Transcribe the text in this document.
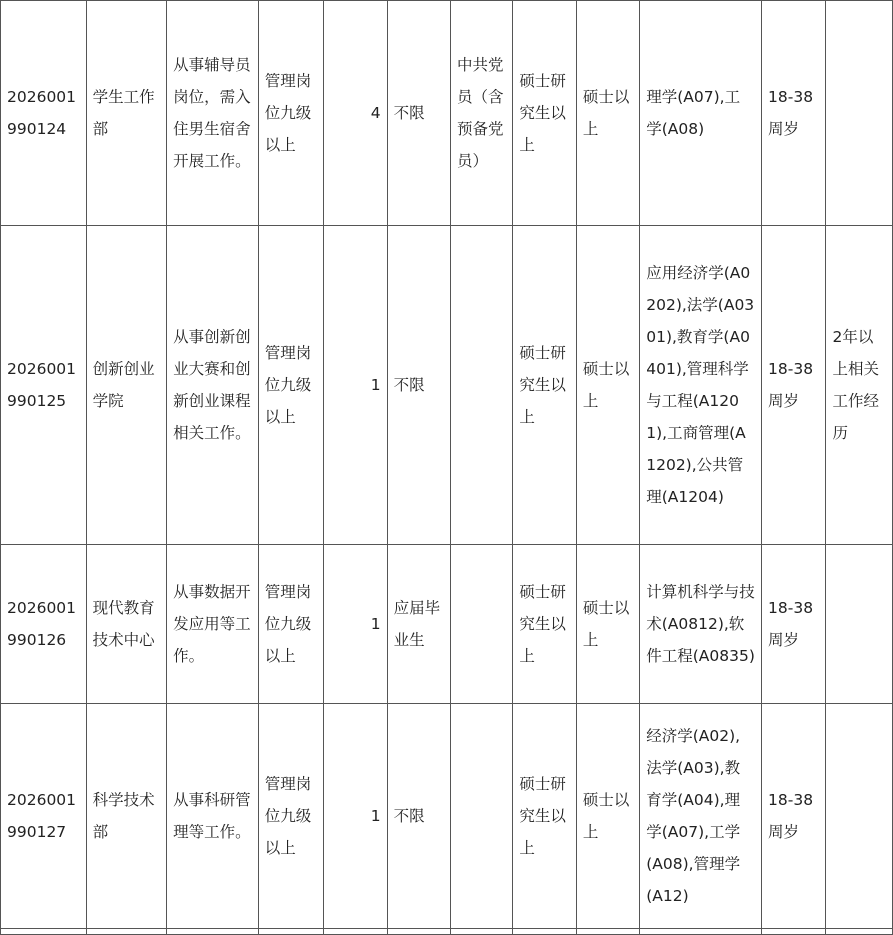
2026001990124	学生工作部	从事辅导员岗位，需入住男生宿舍开展工作。	管理岗位九级以上	4	不限	中共党员（含预备党员）	硕士研究生以上	硕士以上	理学(A07),工学(A08)	18-38周岁	
2026001990125	创新创业学院	从事创新创业大赛和创新创业课程相关工作。	管理岗位九级以上	1	不限		硕士研究生以上	硕士以上	应用经济学(A0202),法学(A0301),教育学(A0401),管理科学与工程(A1201),工商管理(A1202),公共管理(A1204)	18-38周岁	2年以上相关工作经历
2026001990126	现代教育技术中心	从事数据开发应用等工作。	管理岗位九级以上	1	应届毕业生		硕士研究生以上	硕士以上	计算机科学与技术(A0812),软件工程(A0835)	18-38周岁	
2026001990127	科学技术部	从事科研管理等工作。	管理岗位九级以上	1	不限		硕士研究生以上	硕士以上	经济学(A02),法学(A03),教育学(A04),理学(A07),工学(A08),管理学(A12)	18-38周岁	
